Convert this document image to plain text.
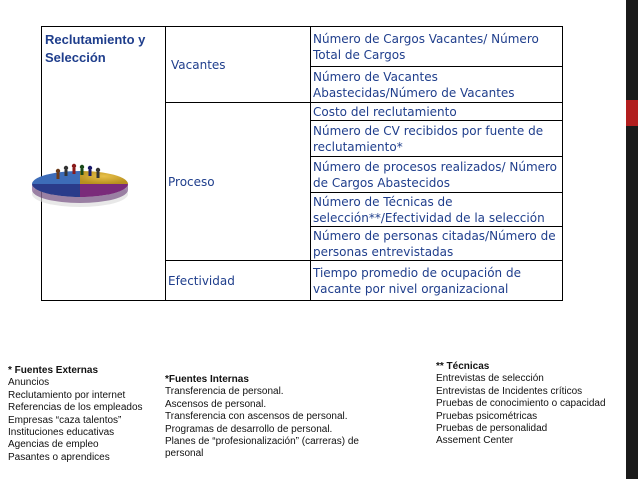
Reclutamiento y Selección	Vacantes	Número de Cargos Vacantes/ Número Total de Cargos
		Número de Vacantes Abastecidas/Número de Vacantes
	Proceso	Costo del reclutamiento
		Número de CV recibidos por fuente de reclutamiento*
		Número de procesos realizados/ Número de Cargos Abastecidos
		Número de Técnicas de selección**/Efectividad de la selección
		Número de personas citadas/Número de personas entrevistadas
	Efectividad	Tiempo promedio de ocupación de vacante por nivel organizacional
* Fuentes Externas
Anuncios
Reclutamiento por internet
Referencias de los empleados
Empresas “caza talentos”
Instituciones educativas
Agencias de empleo
Pasantes o aprendices
*Fuentes Internas
Transferencia de personal.
Ascensos de personal.
Transferencia con ascensos de personal.
Programas de desarrollo de personal.
Planes de “profesionalización” (carreras) de personal
** Técnicas
Entrevistas de selección
Entrevistas de Incidentes críticos
Pruebas de conocimiento o capacidad
Pruebas psicométricas
Pruebas de personalidad
Assement Center
